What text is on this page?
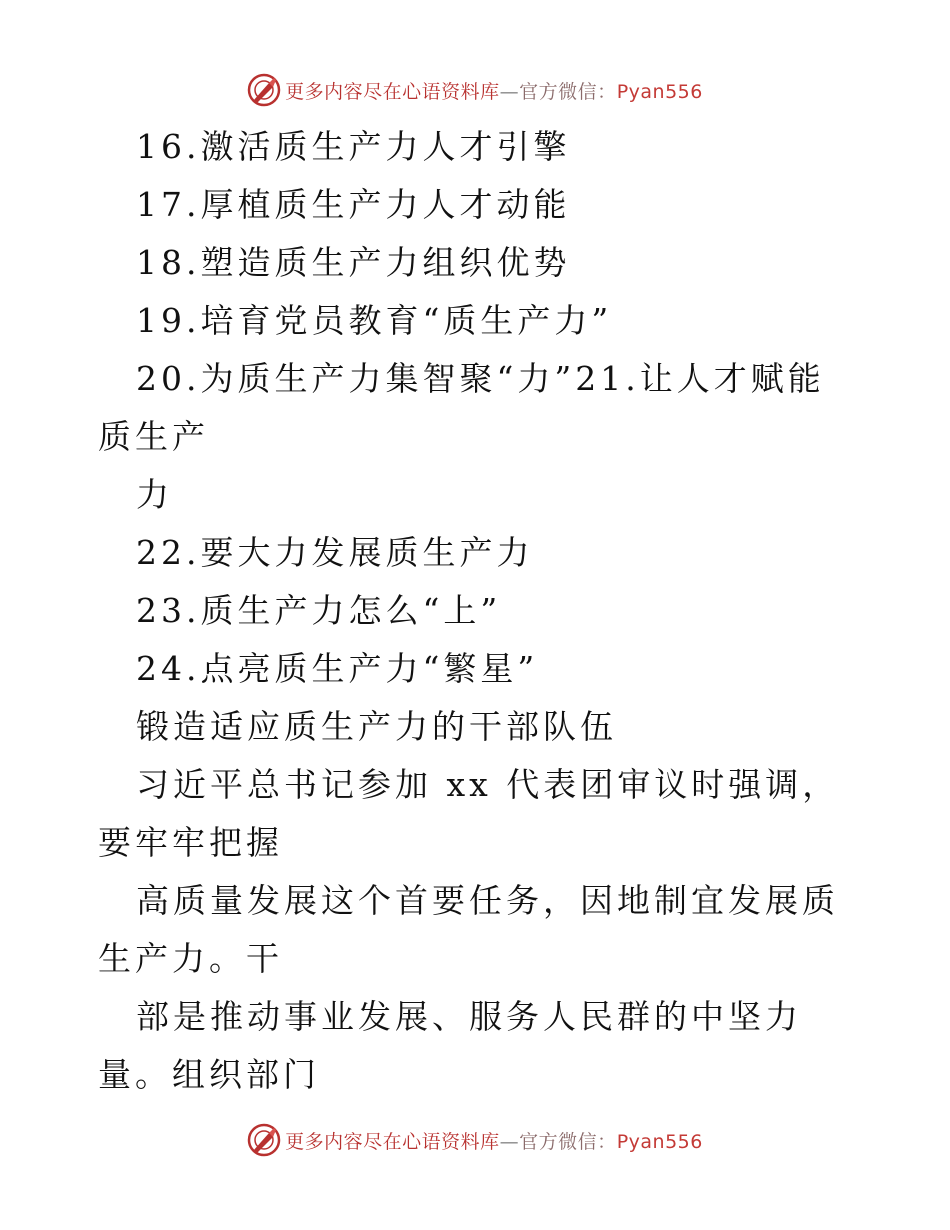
更多内容尽在心语资料库—官方微信：Pyan556

16.激活质生产力人才引擎

17.厚植质生产力人才动能

18.塑造质生产力组织优势

19.培育党员教育“质生产力”

20.为质生产力集智聚“力”21.让人才赋能质生产

力

22.要大力发展质生产力

23.质生产力怎么“上”

24.点亮质生产力“繁星”

锻造适应质生产力的干部队伍

习近平总书记参加 xx 代表团审议时强调，要牢牢把握

高质量发展这个首要任务，因地制宜发展质生产力。干

部是推动事业发展、服务人民群的中坚力量。组织部门

更多内容尽在心语资料库—官方微信：Pyan556
